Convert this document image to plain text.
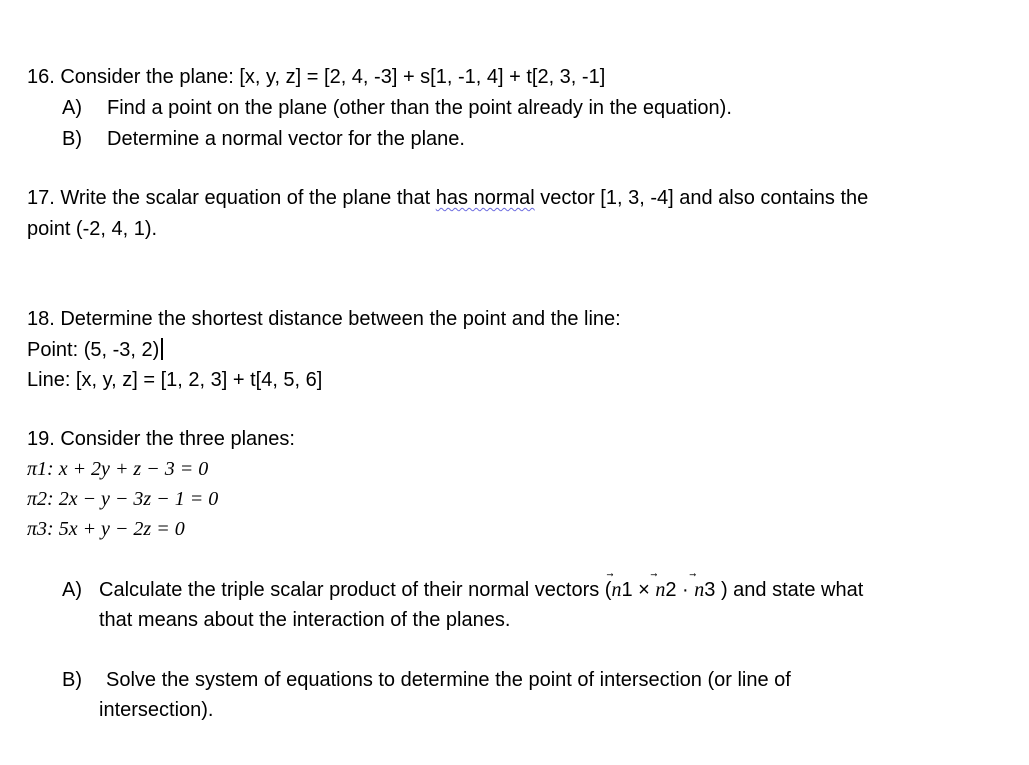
16. Consider the plane: [x, y, z] = [2, 4, -3] + s[1, -1, 4] + t[2, 3, -1]
A) Find a point on the plane (other than the point already in the equation).
B) Determine a normal vector for the plane.
17. Write the scalar equation of the plane that has normal vector [1, 3, -4] and also contains the
point (-2, 4, 1).
18. Determine the shortest distance between the point and the line:
Point: (5, -3, 2)
Line: [x, y, z] = [1, 2, 3] + t[4, 5, 6]
19. Consider the three planes:
π1: x + 2y + z − 3 = 0
π2: 2x − y − 3z − 1 = 0
π3: 5x + y − 2z = 0
A) Calculate the triple scalar product of their normal vectors (
n1 ×
n2 ·
n3 ) and state what
that means about the interaction of the planes.
B) Solve the system of equations to determine the point of intersection (or line of
intersection).
